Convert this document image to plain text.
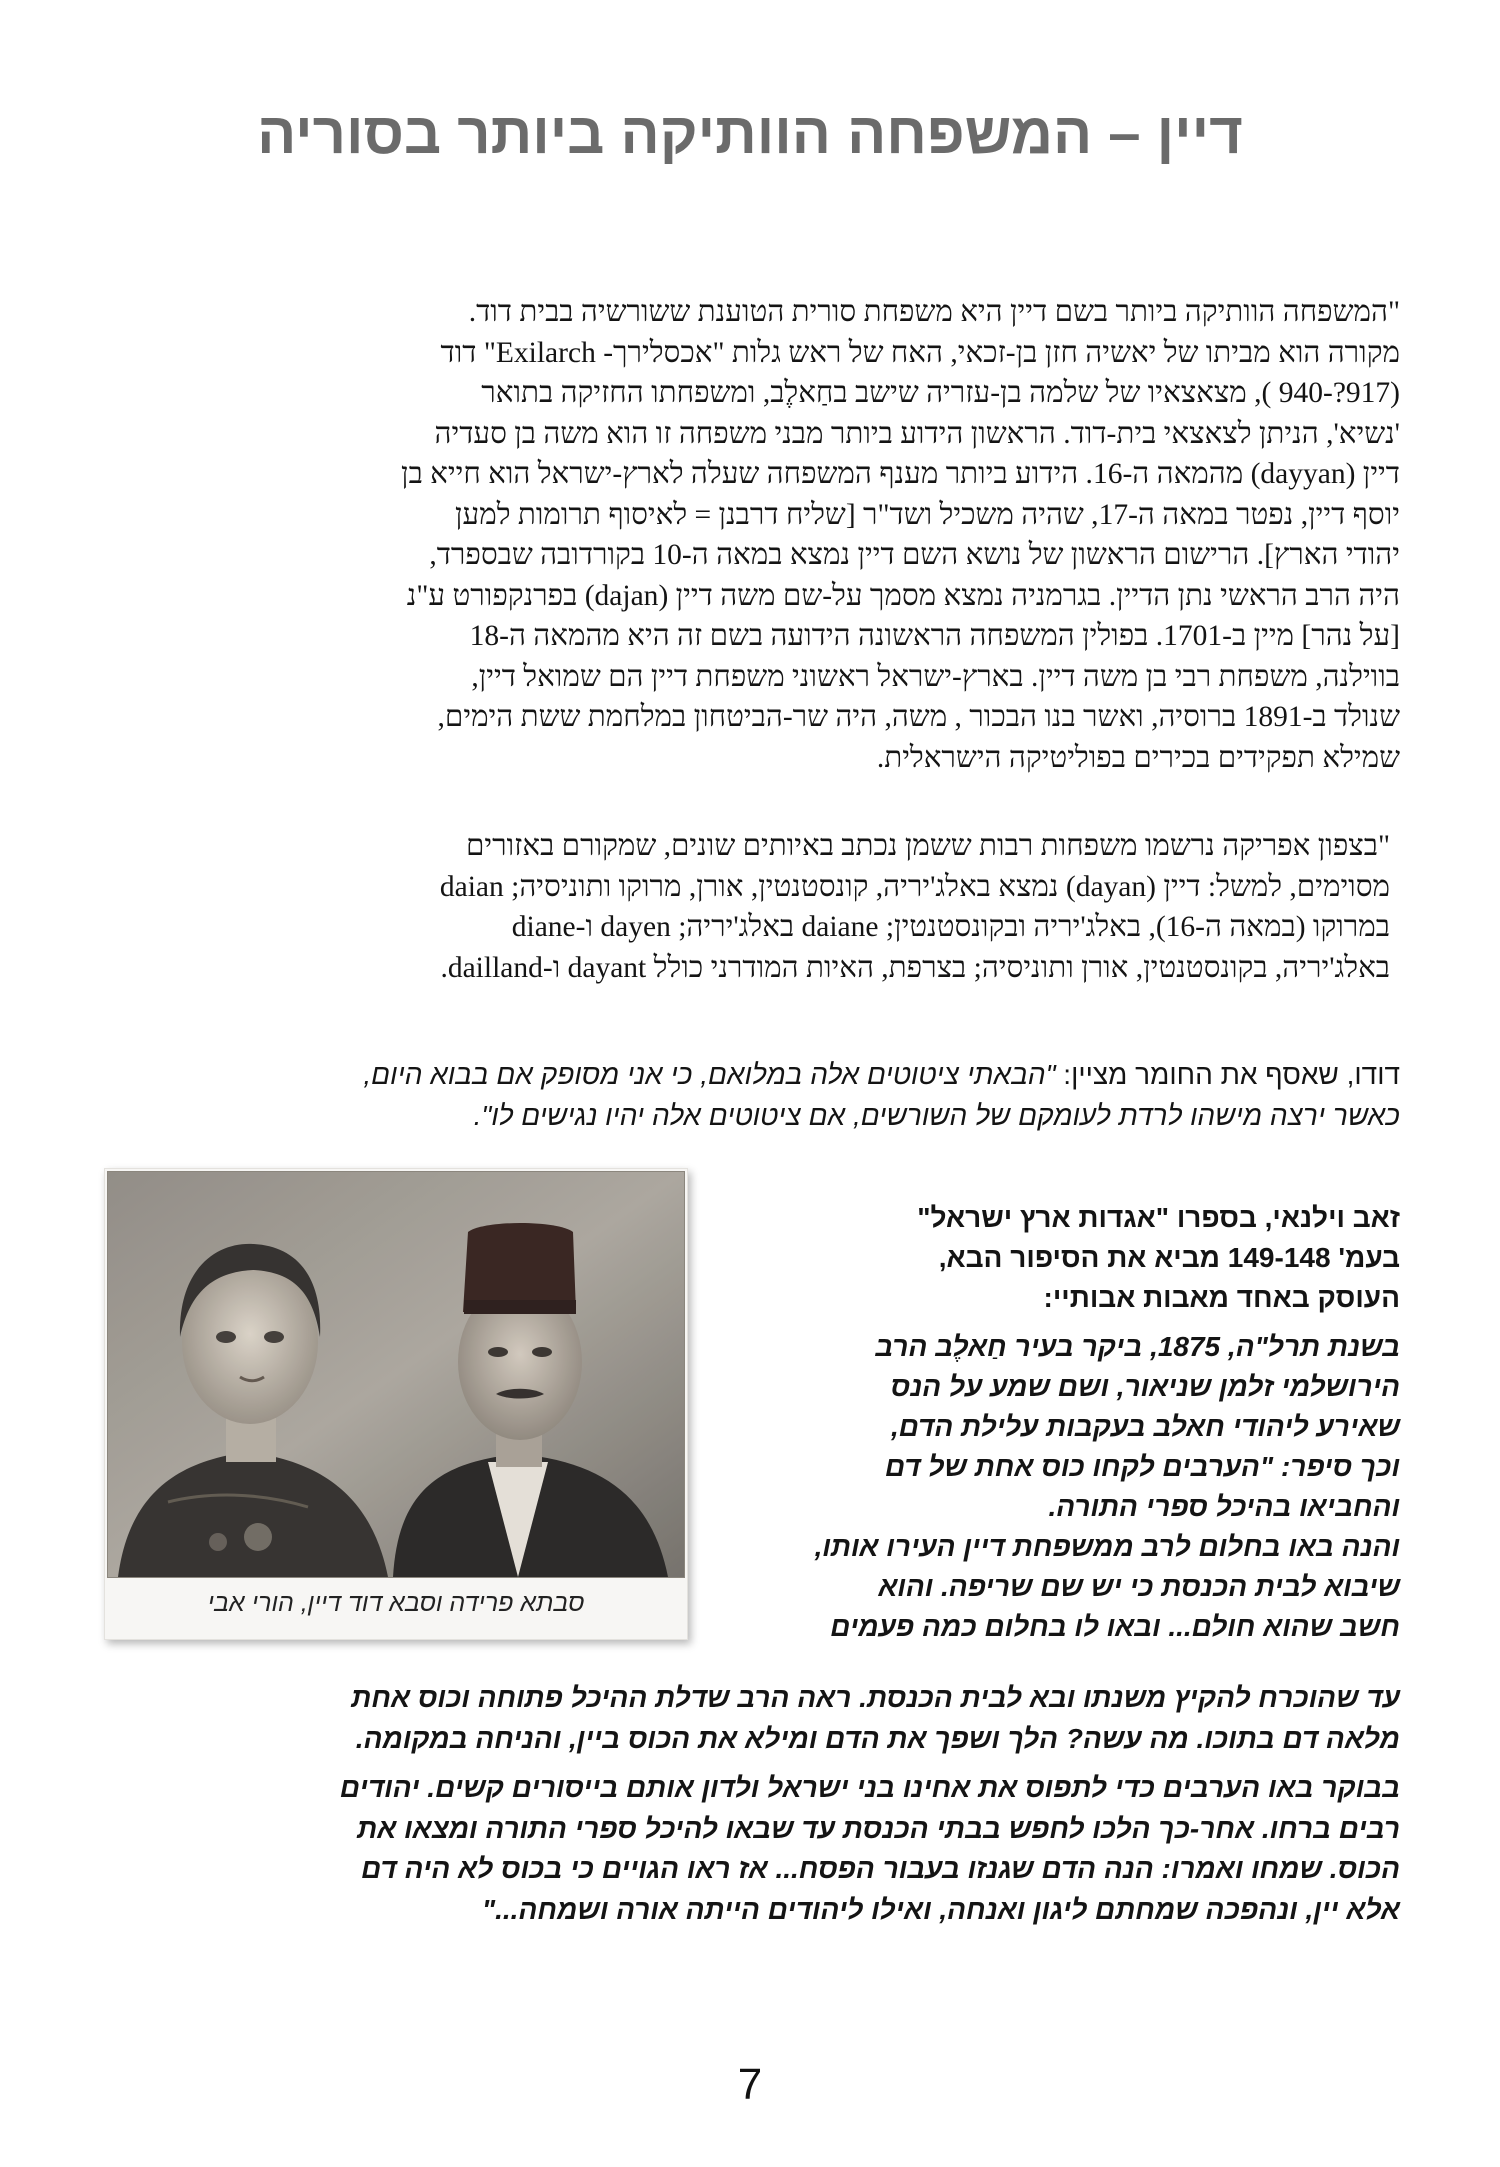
דיין – המשפחה הוותיקה ביותר בסוריה

"המשפחה הוותיקה ביותר בשם דיין היא משפחת סורית הטוענת ששורשיה בבית דוד.
מקורה הוא מביתו של יאשיה חזן בן-זכאי, האח של ראש גלות "אכסלירך- Exilarch" דוד
(917?-940 ), מצאצאיו של שלמה בן-עזריה שישב בחַאלֶב, ומשפחתו החזיקה בתואר
'נשיא', הניתן לצאצאי בית-דוד. הראשון הידוע ביותר מבני משפחה זו הוא משה בן סעדיה
דיין (dayyan) מהמאה ה-16. הידוע ביותר מענף המשפחה שעלה לארץ-ישראל הוא חייא בן
יוסף דיין, נפטר במאה ה-17, שהיה משכיל ושד"ר [שליח דרבנן = לאיסוף תרומות למען
יהודי הארץ]. הרישום הראשון של נושא השם דיין נמצא במאה ה-10 בקורדובה שבספרד,
היה הרב הראשי נתן הדיין. בגרמניה נמצא מסמך על-שם משה דיין (dajan) בפרנקפורט ע"נ
[על נהר] מיין ב-1701. בפולין המשפחה הראשונה הידועה בשם זה היא מהמאה ה-18
בווילנה, משפחת רבי בן משה דיין. בארץ-ישראל ראשוני משפחת דיין הם שמואל דיין,
שנולד ב-1891 ברוסיה, ואשר בנו הבכור , משה, היה שר-הביטחון במלחמת ששת הימים,
שמילא תפקידים בכירים בפוליטיקה הישראלית.

"בצפון אפריקה נרשמו משפחות רבות ששמן נכתב באיותים שונים, שמקורם באזורים
מסוימים, למשל: דיין (dayan) נמצא באלג'יריה, קונסטנטין, אורן, מרוקו ותוניסיה; daian
במרוקו (במאה ה-16), באלג'יריה ובקונסטנטין; daiane באלג'יריה; dayen ו-diane
באלג'יריה, בקונסטנטין, אורן ותוניסיה; בצרפת, האיות המודרני כולל dayant ו-dailland.

דודו, שאסף את החומר מציין: "הבאתי ציטוטים אלה במלואם, כי אני מסופק אם בבוא היום,
כאשר ירצה מישהו לרדת לעומקם של השורשים, אם ציטוטים אלה יהיו נגישים לו".

סבתא פרידה וסבא דוד דיין, הורי אבי
זאב וילנאי, בספרו "אגדות ארץ ישראל"
בעמ' 149-148 מביא את הסיפור הבא,
העוסק באחד מאבות אבותיי:
בשנת תרל"ה, 1875, ביקר בעיר חַאלֶב הרב
הירושלמי זלמן שניאור, ושם שמע על הנס
שאירע ליהודי חאלב בעקבות עלילת הדם,
וכך סיפר: "הערבים לקחו כוס אחת של דם
והחביאו בהיכל ספרי התורה.
והנה באו בחלום לרב ממשפחת דיין העירו אותו,
שיבוא לבית הכנסת כי יש שם שריפה. והוא
חשב שהוא חולם... ובאו לו בחלום כמה פעמים
עד שהוכרח להקיץ משנתו ובא לבית הכנסת. ראה הרב שדלת ההיכל פתוחה וכוס אחת
מלאה דם בתוכו. מה עשה? הלך ושפך את הדם ומילא את הכוס ביין, והניחה במקומה.
בבוקר באו הערבים כדי לתפוס את אחינו בני ישראל ולדון אותם בייסורים קשים. יהודים
רבים ברחו. אחר-כך הלכו לחפש בבתי הכנסת עד שבאו להיכל ספרי התורה ומצאו את
הכוס. שמחו ואמרו: הנה הדם שגנזו בעבור הפסח... אז ראו הגויים כי בכוס לא היה דם
אלא יין, ונהפכה שמחתם ליגון ואנחה, ואילו ליהודים הייתה אורה ושמחה..."
7
